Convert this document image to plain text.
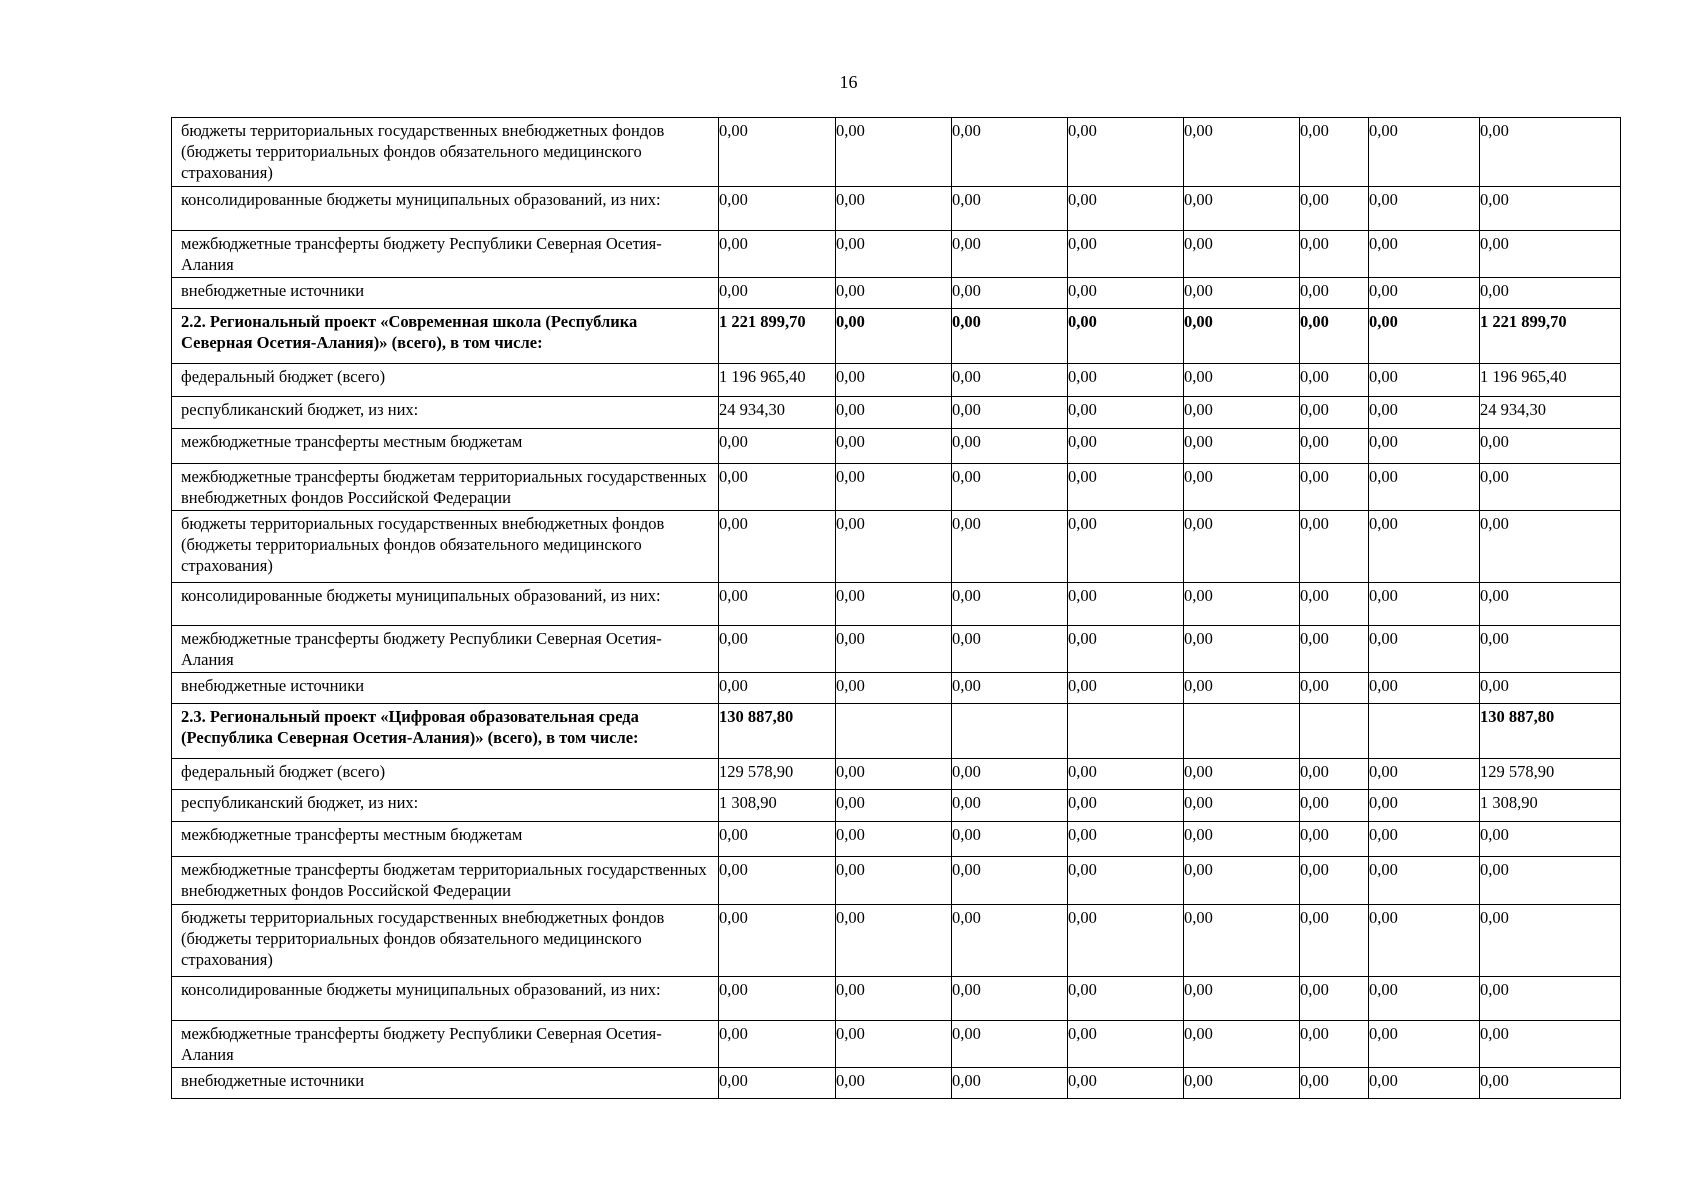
16
бюджеты территориальных государственных внебюджетных фондов (бюджеты территориальных фондов обязательного медицинского страхования)	0,00	0,00	0,00	0,00	0,00	0,00	0,00	0,00
консолидированные бюджеты муниципальных образований, из них:	0,00	0,00	0,00	0,00	0,00	0,00	0,00	0,00
межбюджетные трансферты бюджету Республики Северная Осетия-Алания	0,00	0,00	0,00	0,00	0,00	0,00	0,00	0,00
внебюджетные источники	0,00	0,00	0,00	0,00	0,00	0,00	0,00	0,00
2.2. Региональный проект «Современная школа (Республика Северная Осетия-Алания)» (всего), в том числе:	1 221 899,70	0,00	0,00	0,00	0,00	0,00	0,00	1 221 899,70
федеральный бюджет (всего)	1 196 965,40	0,00	0,00	0,00	0,00	0,00	0,00	1 196 965,40
республиканский бюджет, из них:	24 934,30	0,00	0,00	0,00	0,00	0,00	0,00	24 934,30
межбюджетные трансферты местным бюджетам	0,00	0,00	0,00	0,00	0,00	0,00	0,00	0,00
межбюджетные трансферты бюджетам территориальных государственных внебюджетных фондов Российской Федерации	0,00	0,00	0,00	0,00	0,00	0,00	0,00	0,00
бюджеты территориальных государственных внебюджетных фондов (бюджеты территориальных фондов обязательного медицинского страхования)	0,00	0,00	0,00	0,00	0,00	0,00	0,00	0,00
консолидированные бюджеты муниципальных образований, из них:	0,00	0,00	0,00	0,00	0,00	0,00	0,00	0,00
межбюджетные трансферты бюджету Республики Северная Осетия-Алания	0,00	0,00	0,00	0,00	0,00	0,00	0,00	0,00
внебюджетные источники	0,00	0,00	0,00	0,00	0,00	0,00	0,00	0,00
2.3. Региональный проект «Цифровая образовательная среда (Республика Северная Осетия-Алания)» (всего), в том числе:	130 887,80							130 887,80
федеральный бюджет (всего)	129 578,90	0,00	0,00	0,00	0,00	0,00	0,00	129 578,90
республиканский бюджет, из них:	1 308,90	0,00	0,00	0,00	0,00	0,00	0,00	1 308,90
межбюджетные трансферты местным бюджетам	0,00	0,00	0,00	0,00	0,00	0,00	0,00	0,00
межбюджетные трансферты бюджетам территориальных государственных внебюджетных фондов Российской Федерации	0,00	0,00	0,00	0,00	0,00	0,00	0,00	0,00
бюджеты территориальных государственных внебюджетных фондов (бюджеты территориальных фондов обязательного медицинского страхования)	0,00	0,00	0,00	0,00	0,00	0,00	0,00	0,00
консолидированные бюджеты муниципальных образований, из них:	0,00	0,00	0,00	0,00	0,00	0,00	0,00	0,00
межбюджетные трансферты бюджету Республики Северная Осетия-Алания	0,00	0,00	0,00	0,00	0,00	0,00	0,00	0,00
внебюджетные источники	0,00	0,00	0,00	0,00	0,00	0,00	0,00	0,00
